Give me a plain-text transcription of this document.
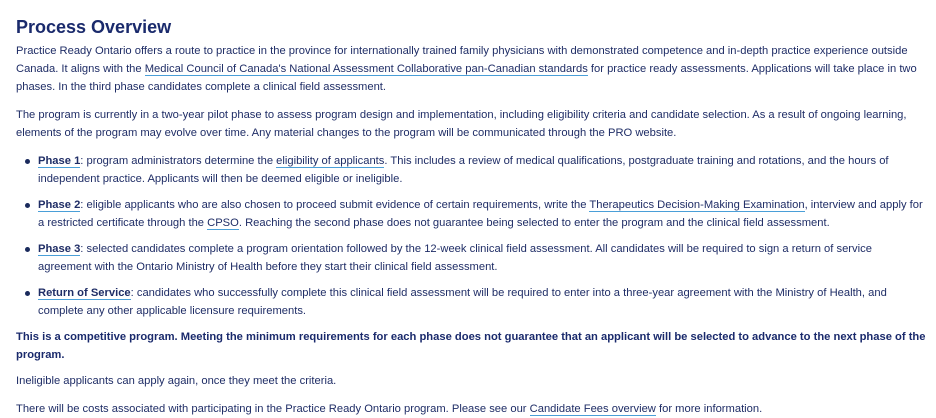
Process Overview

Practice Ready Ontario offers a route to practice in the province for internationally trained family physicians with demonstrated competence and in-depth practice experience outside Canada. It aligns with the Medical Council of Canada's National Assessment Collaborative pan-Canadian standards for practice ready assessments. Applications will take place in two phases. In the third phase candidates complete a clinical field assessment.

The program is currently in a two-year pilot phase to assess program design and implementation, including eligibility criteria and candidate selection. As a result of ongoing learning, elements of the program may evolve over time. Any material changes to the program will be communicated through the PRO website.

Phase 1: program administrators determine the eligibility of applicants. This includes a review of medical qualifications, postgraduate training and rotations, and the hours of independent practice. Applicants will then be deemed eligible or ineligible.
Phase 2: eligible applicants who are also chosen to proceed submit evidence of certain requirements, write the Therapeutics Decision-Making Examination, interview and apply for a restricted certificate through the CPSO. Reaching the second phase does not guarantee being selected to enter the program and the clinical field assessment.
Phase 3: selected candidates complete a program orientation followed by the 12-week clinical field assessment. All candidates will be required to sign a return of service agreement with the Ontario Ministry of Health before they start their clinical field assessment.
Return of Service: candidates who successfully complete this clinical field assessment will be required to enter into a three-year agreement with the Ministry of Health, and complete any other applicable licensure requirements.

This is a competitive program. Meeting the minimum requirements for each phase does not guarantee that an applicant will be selected to advance to the next phase of the program.

Ineligible applicants can apply again, once they meet the criteria.

There will be costs associated with participating in the Practice Ready Ontario program. Please see our Candidate Fees overview for more information.
